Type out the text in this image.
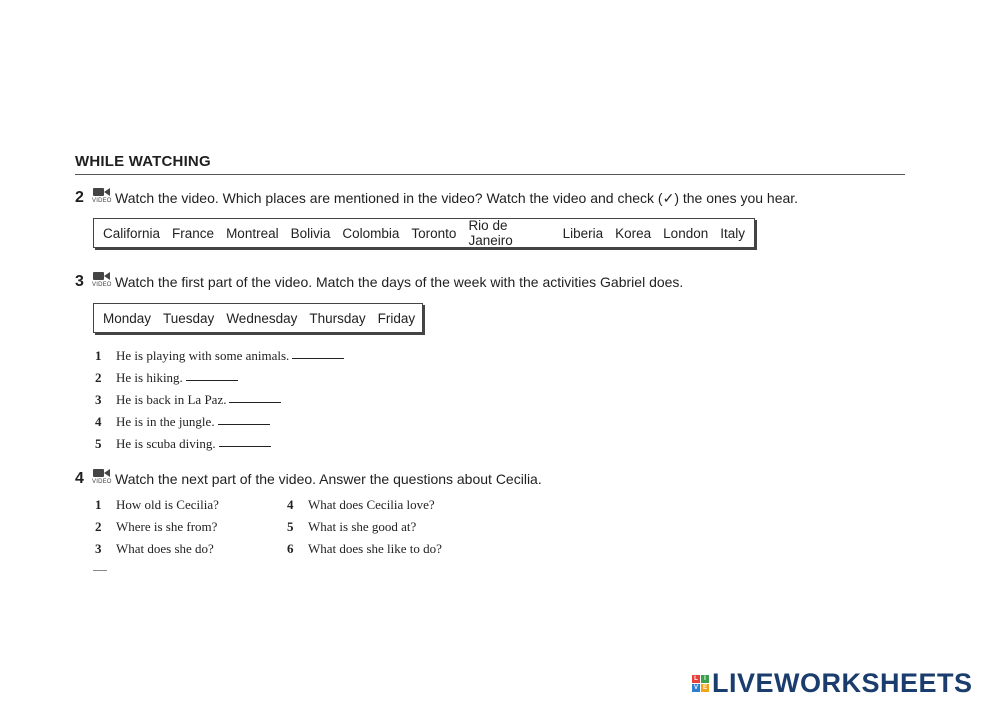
WHILE WATCHING
2	VIDEO Watch the video. Which places are mentioned in the video? Watch the video and check (✓) the ones you hear.
California France Montreal Bolivia Colombia Toronto Rio de Janeiro	Liberia Korea London Italy
3	VIDEO Watch the first part of the video. Match the days of the week with the activities Gabriel does.
Monday Tuesday Wednesday Thursday Friday
1	He is playing with some animals.
2	He is hiking.
3	He is back in La Paz.
4	He is in the jungle.
5	He is scuba diving.
4	VIDEO Watch the next part of the video. Answer the questions about Cecilia.
1	How old is Cecilia?
2	Where is she from?
3	What does she do?
4	What does Cecilia love?
5	What is she good at?
6	What does she like to do?
L	I
V E LIVEWORKSHEETS
